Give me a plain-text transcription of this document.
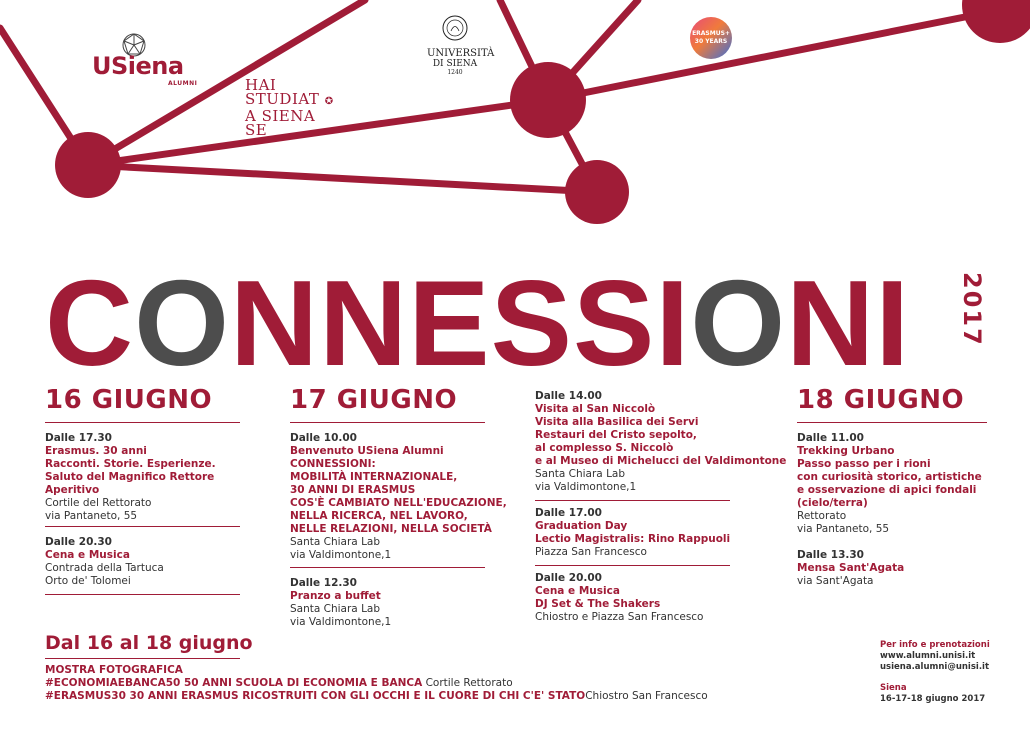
USiena
ALUMNI	HAI
STUDIAT ✪
A SIENA
SE
UNIVERSITÀ
DI SIENA
1240
ERASMUS+
30 YEARS
CONNESSIONI 2017
16 GIUGNO
Dalle 17.30
Erasmus. 30 anni
Racconti. Storie. Esperienze.
Saluto del Magnifico Rettore
Aperitivo
Cortile del Rettorato
via Pantaneto, 55
Dalle 20.30
Cena e Musica
Contrada della Tartuca
Orto de' Tolomei
17 GIUGNO
Dalle 10.00
Benvenuto USiena Alumni
CONNESSIONI:
MOBILITÀ INTERNAZIONALE,
30 ANNI DI ERASMUS
COS'È CAMBIATO NELL'EDUCAZIONE,
NELLA RICERCA, NEL LAVORO,
NELLE RELAZIONI, NELLA SOCIETÀ
Santa Chiara Lab
via Valdimontone,1
Dalle 12.30
Pranzo a buffet
Santa Chiara Lab
via Valdimontone,1
Dalle 14.00
Visita al San Niccolò
Visita alla Basilica dei Servi
Restauri del Cristo sepolto,
al complesso S. Niccolò
e al Museo di Michelucci del Valdimontone
Santa Chiara Lab
via Valdimontone,1
Dalle 17.00
Graduation Day
Lectio Magistralis: Rino Rappuoli
Piazza San Francesco
Dalle 20.00
Cena e Musica
DJ Set & The Shakers
Chiostro e Piazza San Francesco
18 GIUGNO
Dalle 11.00
Trekking Urbano
Passo passo per i rioni
con curiosità storico, artistiche
e osservazione di apici fondali
(cielo/terra)
Rettorato
via Pantaneto, 55
Dalle 13.30
Mensa Sant'Agata
via Sant'Agata
Dal 16 al 18 giugno
MOSTRA FOTOGRAFICA
#ECONOMIAEBANCA50 50 ANNI SCUOLA DI ECONOMIA E BANCA Cortile Rettorato
#ERASMUS30 30 ANNI ERASMUS RICOSTRUITI CON GLI OCCHI E IL CUORE DI CHI C'E' STATOChiostro San Francesco
Per info e prenotazioni
www.alumni.unisi.it
usiena.alumni@unisi.it
Siena
16-17-18 giugno 2017
